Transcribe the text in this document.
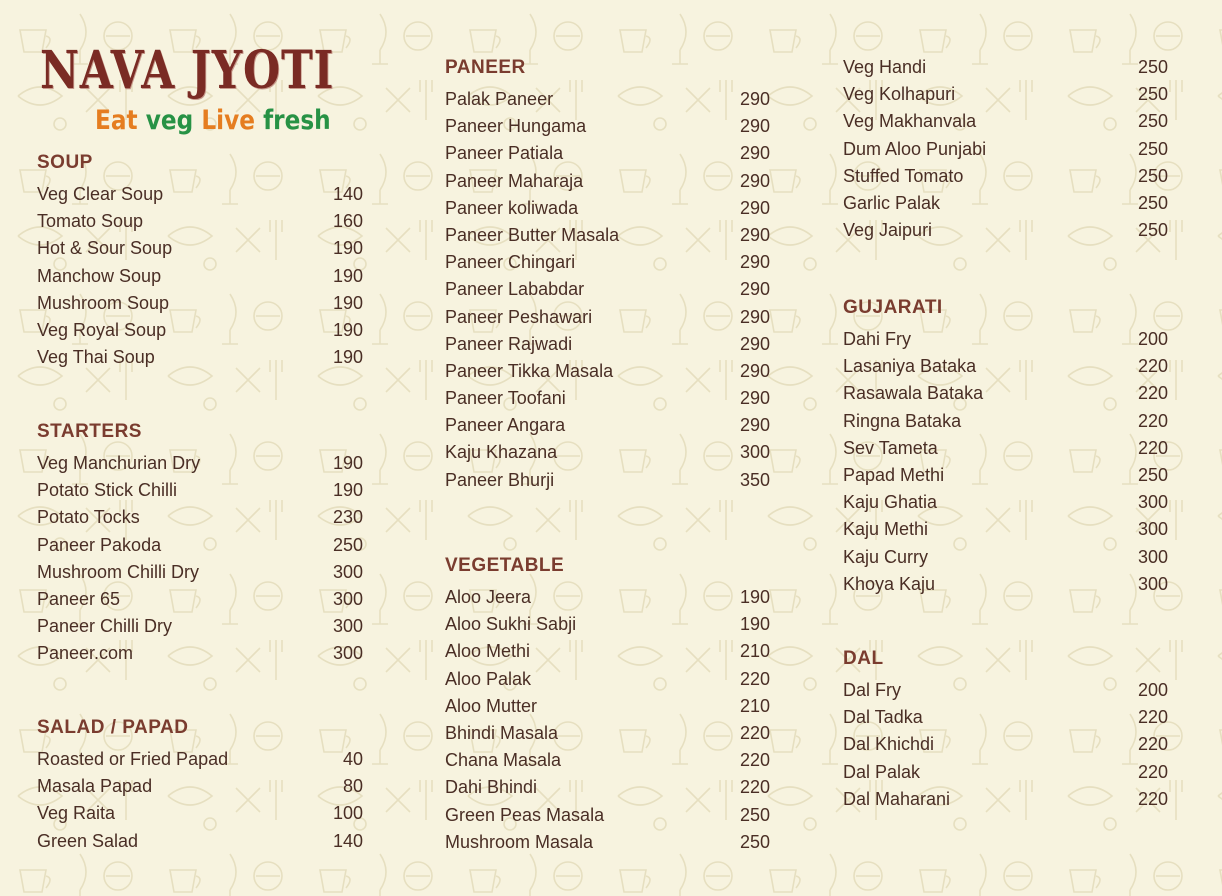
NAVA JYOTI
Eat veg Live fresh
SOUP
Veg Clear Soup	140
Tomato Soup	160
Hot & Sour Soup	190
Manchow Soup	190
Mushroom Soup	190
Veg Royal Soup	190
Veg Thai Soup	190
STARTERS
Veg Manchurian Dry	190
Potato Stick Chilli	190
Potato Tocks	230
Paneer Pakoda	250
Mushroom Chilli Dry	300
Paneer 65	300
Paneer Chilli Dry	300
Paneer.com	300
SALAD / PAPAD
Roasted or Fried Papad	40
Masala Papad	80
Veg Raita	100
Green Salad	140
PANEER
Palak Paneer	290
Paneer Hungama	290
Paneer Patiala	290
Paneer Maharaja	290
Paneer koliwada	290
Paneer Butter Masala	290
Paneer Chingari	290
Paneer Lababdar	290
Paneer Peshawari	290
Paneer Rajwadi	290
Paneer Tikka Masala	290
Paneer Toofani	290
Paneer Angara	290
Kaju Khazana	300
Paneer Bhurji	350
VEGETABLE
Aloo Jeera	190
Aloo Sukhi Sabji	190
Aloo Methi	210
Aloo Palak	220
Aloo Mutter	210
Bhindi Masala	220
Chana Masala	220
Dahi Bhindi	220
Green Peas Masala	250
Mushroom Masala	250
Veg Handi	250
Veg Kolhapuri	250
Veg Makhanvala	250
Dum Aloo Punjabi	250
Stuffed Tomato	250
Garlic Palak	250
Veg Jaipuri	250
GUJARATI
Dahi Fry	200
Lasaniya Bataka	220
Rasawala Bataka	220
Ringna Bataka	220
Sev Tameta	220
Papad Methi	250
Kaju Ghatia	300
Kaju Methi	300
Kaju Curry	300
Khoya Kaju	300
DAL
Dal Fry	200
Dal Tadka	220
Dal Khichdi	220
Dal Palak	220
Dal Maharani	220
